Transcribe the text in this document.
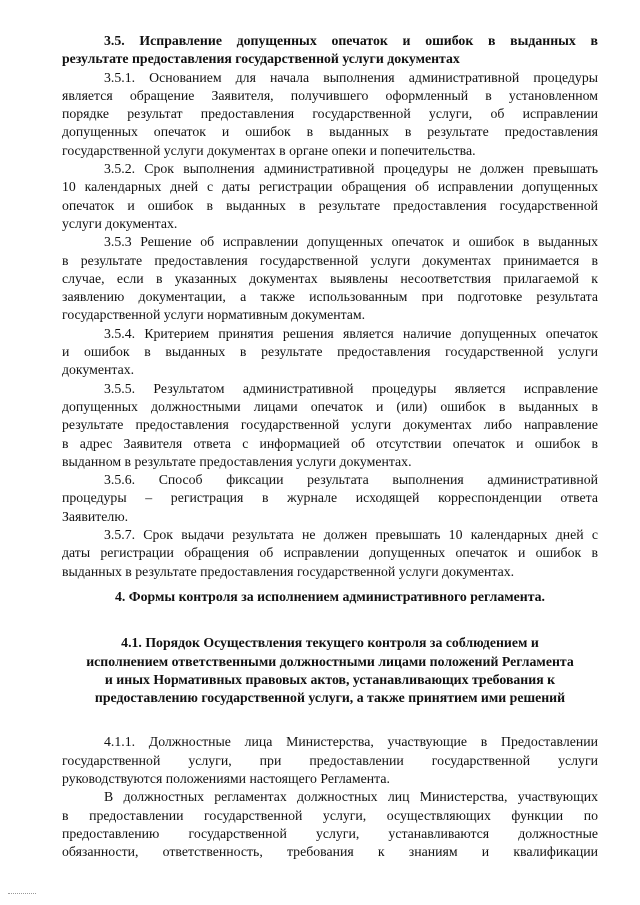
3.5. Исправление допущенных опечаток и ошибок в выданных в
результате предоставления государственной услуги документах
3.5.1. Основанием для начала выполнения административной процедуры
является обращение Заявителя, получившего оформленный в установленном
порядке результат предоставления государственной услуги, об исправлении
допущенных опечаток и ошибок в выданных в результате предоставления
государственной услуги документах в органе опеки и попечительства.
3.5.2. Срок выполнения административной процедуры не должен превышать
10 календарных дней с даты регистрации обращения об исправлении допущенных
опечаток и ошибок в выданных в результате предоставления государственной
услуги документах.
3.5.3 Решение об исправлении допущенных опечаток и ошибок в выданных
в результате предоставления государственной услуги документах принимается в
случае, если в указанных документах выявлены несоответствия прилагаемой к
заявлению документации, а также использованным при подготовке результата
государственной услуги нормативным документам.
3.5.4. Критерием принятия решения является наличие допущенных опечаток
и ошибок в выданных в результате предоставления государственной услуги
документах.
3.5.5. Результатом административной процедуры является исправление
допущенных должностными лицами опечаток и (или) ошибок в выданных в
результате предоставления государственной услуги документах либо направление
в адрес Заявителя ответа с информацией об отсутствии опечаток и ошибок в
выданном в результате предоставления услуги документах.
3.5.6. Способ фиксации результата выполнения административной
процедуры – регистрация в журнале исходящей корреспонденции ответа
Заявителю.
3.5.7. Срок выдачи результата не должен превышать 10 календарных дней с
даты регистрации обращения об исправлении допущенных опечаток и ошибок в
выданных в результате предоставления государственной услуги документах.
4. Формы контроля за исполнением административного регламента.
4.1. Порядок Осуществления текущего контроля за соблюдением и
исполнением ответственными должностными лицами положений Регламента
и иных Нормативных правовых актов, устанавливающих требования к
предоставлению государственной услуги, а также принятием ими решений
4.1.1. Должностные лица Министерства, участвующие в Предоставлении
государственной услуги, при предоставлении государственной услуги
руководствуются положениями настоящего Регламента.
В должностных регламентах должностных лиц Министерства, участвующих
в предоставлении государственной услуги, осуществляющих функции по
предоставлению государственной услуги, устанавливаются должностные
обязанности, ответственность, требования к знаниям и квалификации
